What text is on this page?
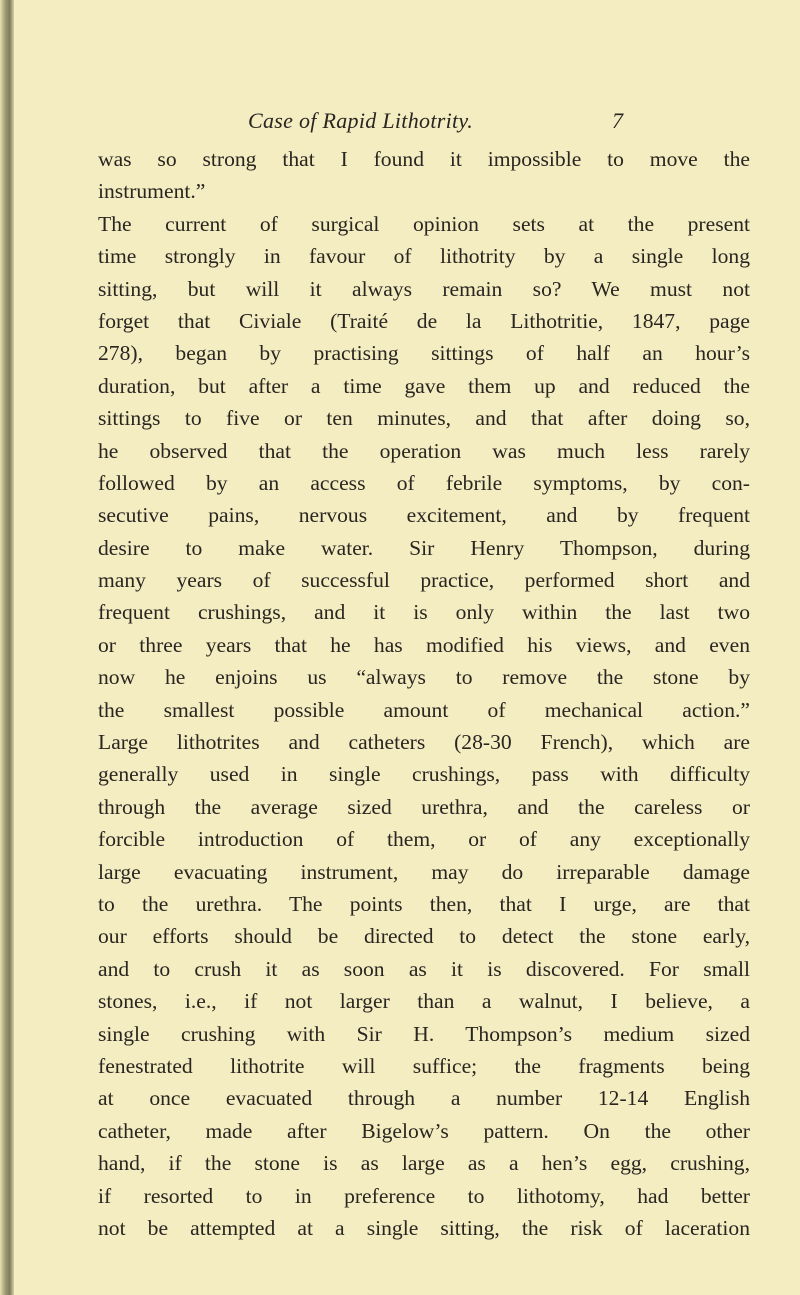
Case of Rapid Lithotrity.	7
was so strong that I found it impossible to move the
instrument.”
The current of surgical opinion sets at the present
time strongly in favour of lithotrity by a single long
sitting, but will it always remain so? We must not
forget that Civiale (Traité de la Lithotritie, 1847, page
278), began by practising sittings of half an hour’s
duration, but after a time gave them up and reduced the
sittings to five or ten minutes, and that after doing so,
he observed that the operation was much less rarely
followed by an access of febrile symptoms, by con-
secutive pains, nervous excitement, and by frequent
desire to make water. Sir Henry Thompson, during
many years of successful practice, performed short and
frequent crushings, and it is only within the last two
or three years that he has modified his views, and even
now he enjoins us “always to remove the stone by
the smallest possible amount of mechanical action.”
Large lithotrites and catheters (28-30 French), which are
generally used in single crushings, pass with difficulty
through the average sized urethra, and the careless or
forcible introduction of them, or of any exceptionally
large evacuating instrument, may do irreparable damage
to the urethra. The points then, that I urge, are that
our efforts should be directed to detect the stone early,
and to crush it as soon as it is discovered. For small
stones, i.e., if not larger than a walnut, I believe, a
single crushing with Sir H. Thompson’s medium sized
fenestrated lithotrite will suffice; the fragments being
at once evacuated through a number 12-14 English
catheter, made after Bigelow’s pattern. On the other
hand, if the stone is as large as a hen’s egg, crushing,
if resorted to in preference to lithotomy, had better
not be attempted at a single sitting, the risk of laceration
